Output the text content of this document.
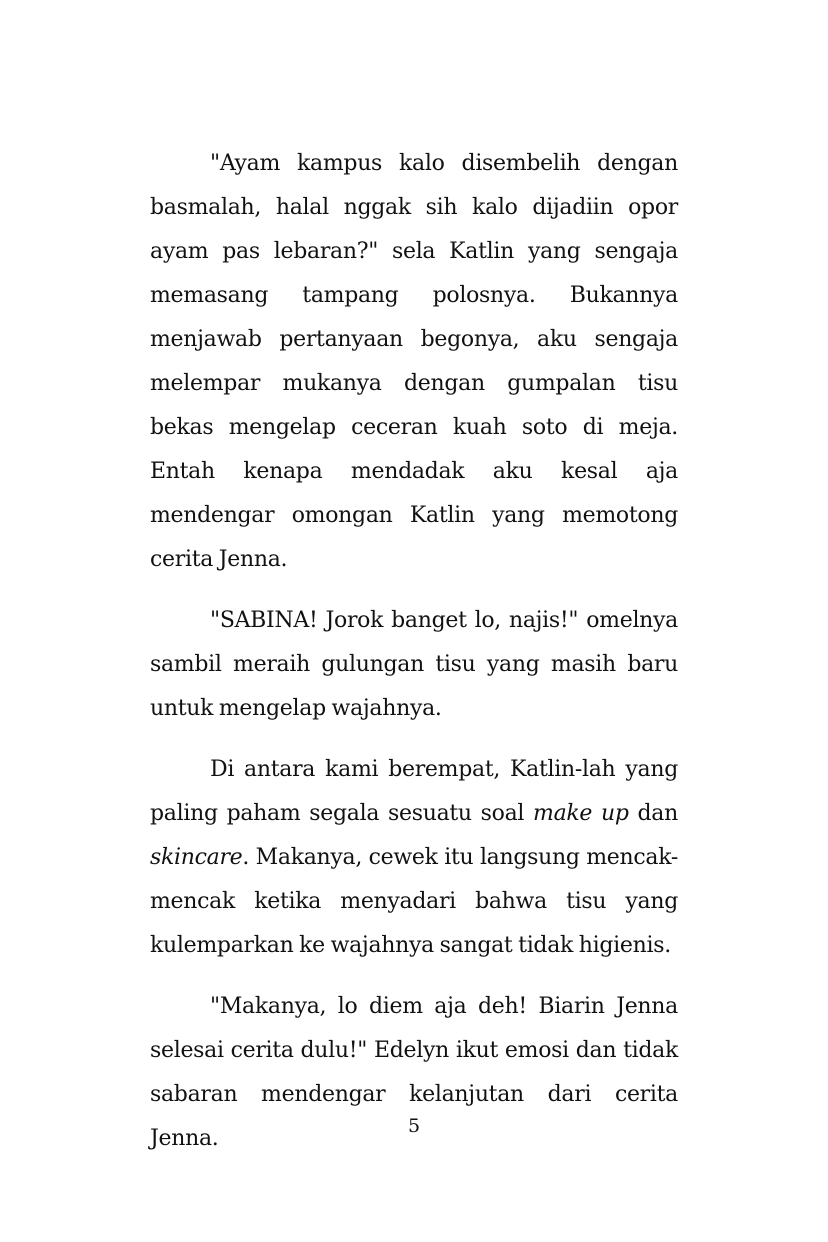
"Ayam kampus kalo disembelih dengan basmalah, halal nggak sih kalo dijadiin opor ayam pas lebaran?" sela Katlin yang sengaja memasang tampang polosnya. Bukannya menjawab pertanyaan begonya, aku sengaja melempar mukanya dengan gumpalan tisu bekas mengelap ceceran kuah soto di meja. Entah kenapa mendadak aku kesal aja mendengar omongan Katlin yang memotong cerita Jenna.

"SABINA! Jorok banget lo, najis!" omelnya sambil meraih gulungan tisu yang masih baru untuk mengelap wajahnya.

Di antara kami berempat, Katlin-lah yang paling paham segala sesuatu soal make up dan skincare. Makanya, cewek itu langsung mencak-mencak ketika menyadari bahwa tisu yang kulemparkan ke wajahnya sangat tidak higienis.

"Makanya, lo diem aja deh! Biarin Jenna selesai cerita dulu!" Edelyn ikut emosi dan tidak sabaran mendengar kelanjutan dari cerita Jenna.	5
